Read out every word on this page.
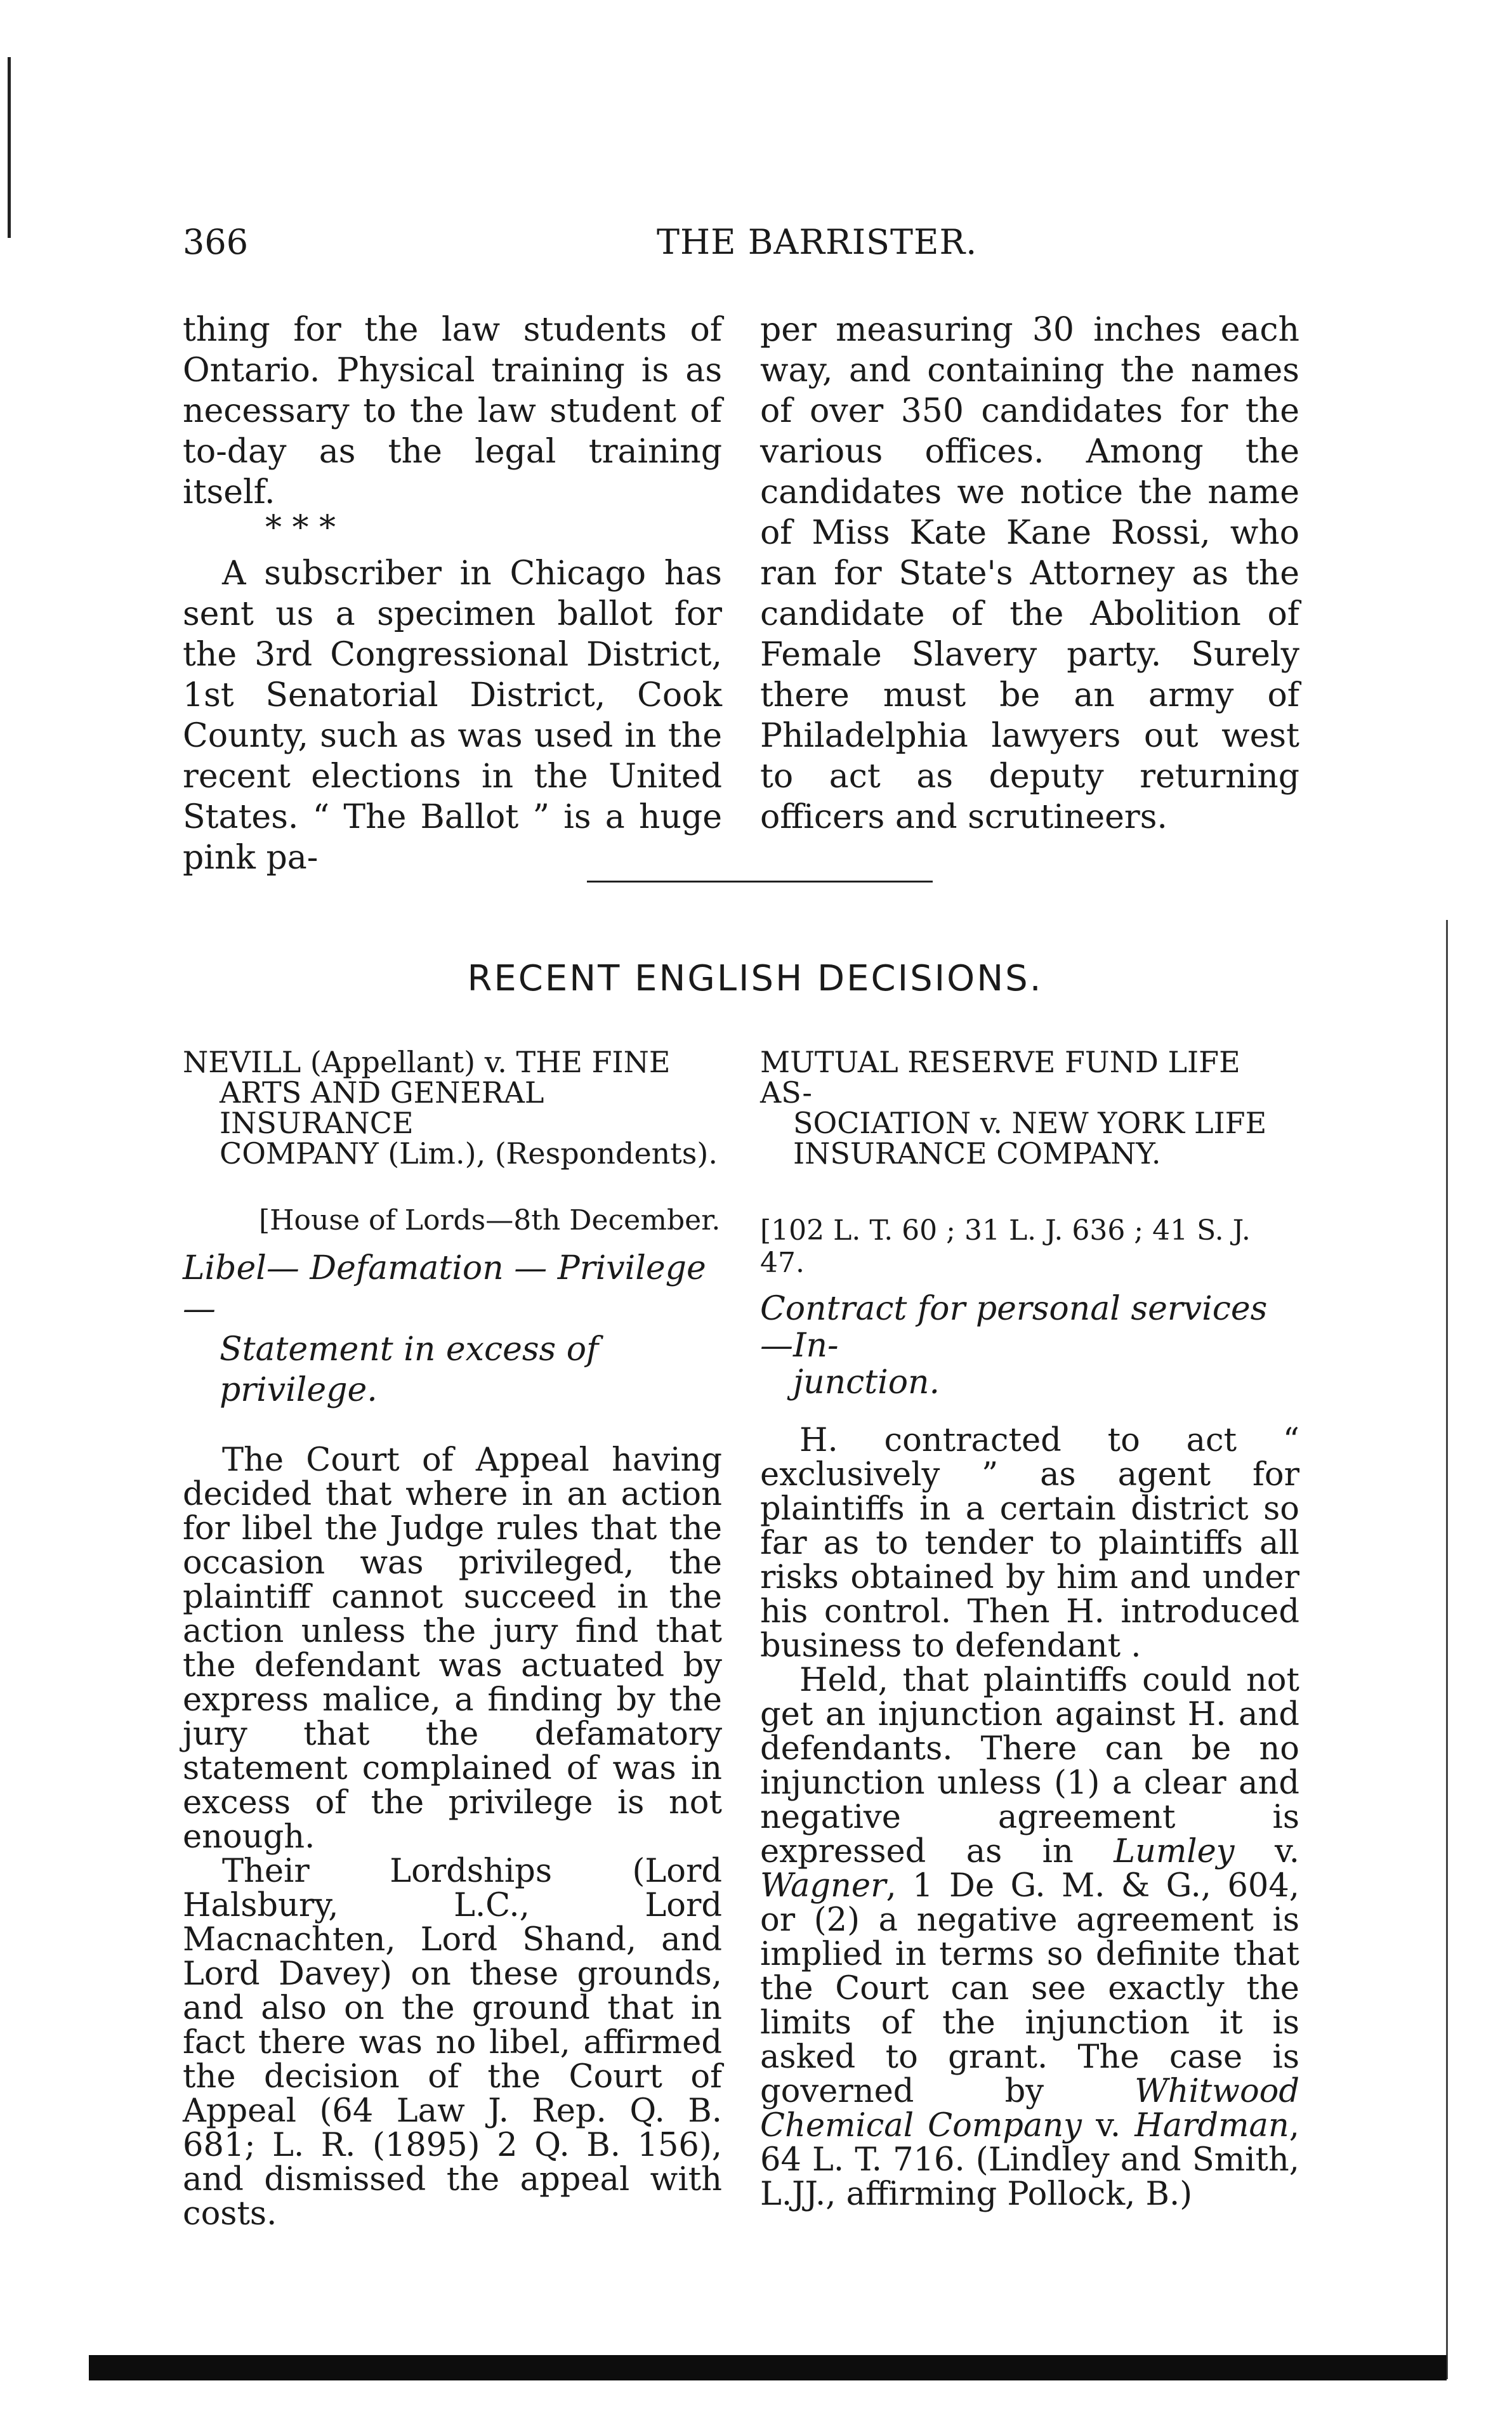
366	THE BARRISTER.

thing for the law students of Ontario. Physical training is as necessary to the law student of to-day as the legal training itself.

* * *

A subscriber in Chicago has sent us a specimen ballot for the 3rd Congressional District, 1st Senatorial District, Cook County, such as was used in the recent elections in the United States. “ The Ballot ” is a huge pink pa-

per measuring 30 inches each way, and containing the names of over 350 candidates for the various offices. Among the candidates we notice the name of Miss Kate Kane Rossi, who ran for State's Attorney as the candidate of the Abolition of Female Slavery party. Surely there must be an army of Philadelphia lawyers out west to act as deputy returning officers and scrutineers.

RECENT ENGLISH DECISIONS.
NEVILL (Appellant) v. THE FINE
ARTS AND GENERAL INSURANCE
COMPANY (Lim.), (Respondents).
[House of Lords—8th December.
Libel— Defamation — Privilege—
Statement in excess of privilege.

The Court of Appeal having decided that where in an action for libel the Judge rules that the occasion was privileged, the plaintiff cannot succeed in the action unless the jury find that the defendant was actuated by express malice, a finding by the jury that the defamatory statement complained of was in excess of the privilege is not enough.

Their Lordships (Lord Halsbury, L.C., Lord Macnachten, Lord Shand, and Lord Davey) on these grounds, and also on the ground that in fact there was no libel, affirmed the decision of the Court of Appeal (64 Law J. Rep. Q. B. 681; L. R. (1895) 2 Q. B. 156), and dismissed the appeal with costs.

MUTUAL RESERVE FUND LIFE AS-
SOCIATION v. NEW YORK LIFE
INSURANCE COMPANY.
[102 L. T. 60 ; 31 L. J. 636 ; 41 S. J. 47.
Contract for personal services—In-
junction.

H. contracted to act “ exclusively ” as agent for plaintiffs in a certain district so far as to tender to plaintiffs all risks obtained by him and under his control. Then H. introduced business to defendant .

Held, that plaintiffs could not get an injunction against H. and defendants. There can be no injunction unless (1) a clear and negative agreement is expressed as in Lumley v. Wagner, 1 De G. M. & G., 604, or (2) a negative agreement is implied in terms so definite that the Court can see exactly the limits of the injunction it is asked to grant. The case is governed by Whitwood Chemical Company v. Hardman, 64 L. T. 716. (Lindley and Smith, L.JJ., affirming Pollock, B.)
